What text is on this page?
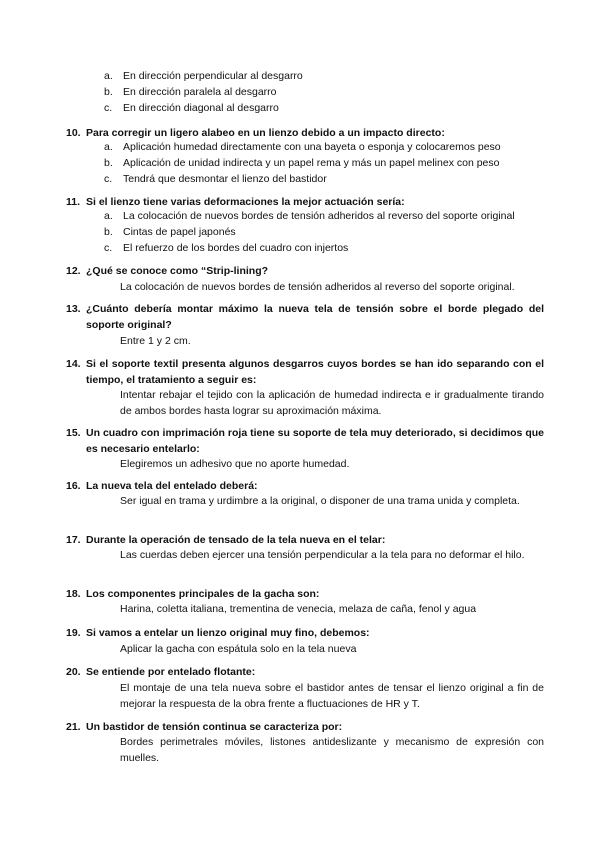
a. En dirección perpendicular al desgarro
b. En dirección paralela al desgarro
c. En dirección diagonal al desgarro
10. Para corregir un ligero alabeo en un lienzo debido a un impacto directo:
a. Aplicación humedad directamente con una bayeta o esponja y colocaremos peso
b. Aplicación de unidad indirecta y un papel rema y más un papel melinex con peso
c. Tendrá que desmontar el lienzo del bastidor
11. Si el lienzo tiene varias deformaciones la mejor actuación sería:
a. La colocación de nuevos bordes de tensión adheridos al reverso del soporte original
b. Cintas de papel japonés
c. El refuerzo de los bordes del cuadro con injertos
12. ¿Qué se conoce como “Strip-lining?
La colocación de nuevos bordes de tensión adheridos al reverso del soporte original.
13. ¿Cuánto debería montar máximo la nueva tela de tensión sobre el borde plegado del soporte original?
Entre 1 y 2 cm.
14. Si el soporte textil presenta algunos desgarros cuyos bordes se han ido separando con el tiempo, el tratamiento a seguir es:
Intentar rebajar el tejido con la aplicación de humedad indirecta e ir gradualmente tirando de ambos bordes hasta lograr su aproximación máxima.
15. Un cuadro con imprimación roja tiene su soporte de tela muy deteriorado, si decidimos que es necesario entelarlo:
Elegiremos un adhesivo que no aporte humedad.
16. La nueva tela del entelado deberá:
Ser igual en trama y urdimbre a la original, o disponer de una trama unida y completa.
17. Durante la operación de tensado de la tela nueva en el telar:
Las cuerdas deben ejercer una tensión perpendicular a la tela para no deformar el hilo.
18. Los componentes principales de la gacha son:
Harina, coletta italiana, trementina de venecia, melaza de caña, fenol y agua
19. Si vamos a entelar un lienzo original muy fino, debemos:
Aplicar la gacha con espátula solo en la tela nueva
20. Se entiende por entelado flotante:
El montaje de una tela nueva sobre el bastidor antes de tensar el lienzo original a fin de mejorar la respuesta de la obra frente a fluctuaciones de HR y T.
21. Un bastidor de tensión continua se caracteriza por:
Bordes perimetrales móviles, listones antideslizante y mecanismo de expresión con muelles.
